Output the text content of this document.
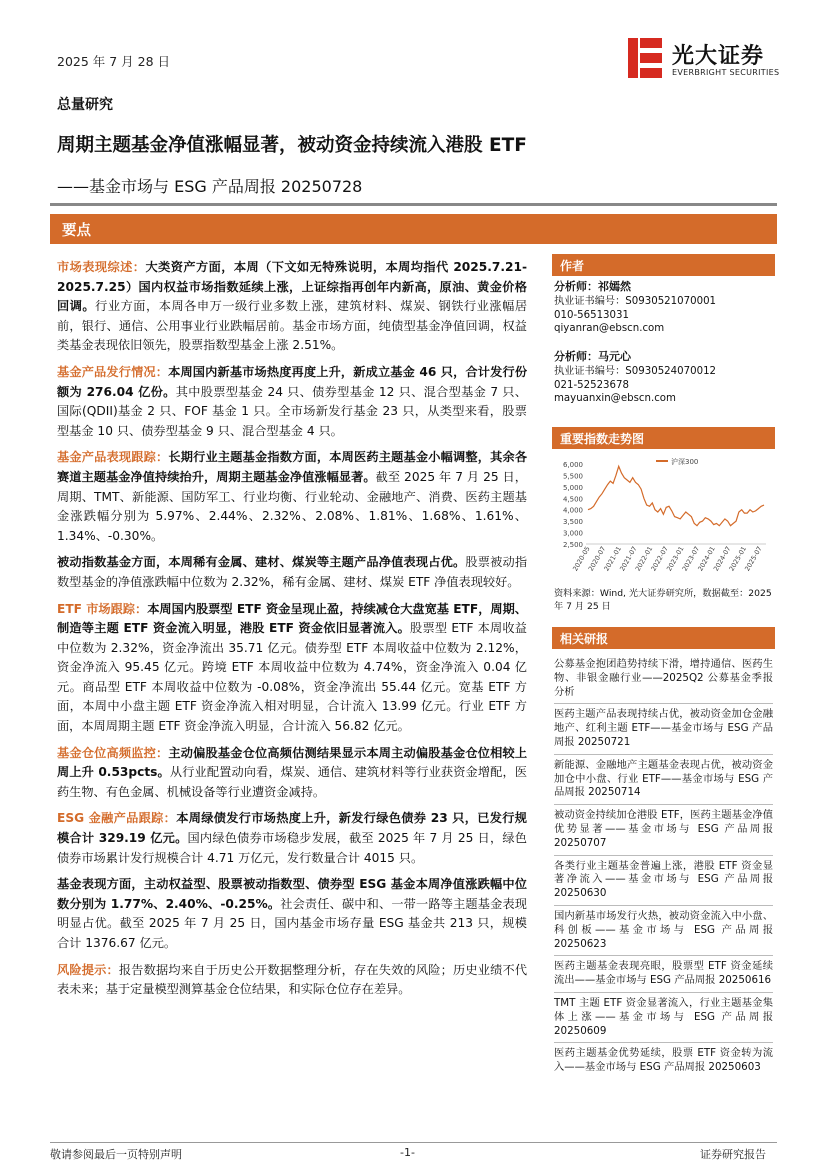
2025 年 7 月 28 日	光大证券
EVERBRIGHT SECURITIES
总量研究
周期主题基金净值涨幅显著，被动资金持续流入港股 ETF
——基金市场与 ESG 产品周报 20250728
要点

市场表现综述：大类资产方面，本周（下文如无特殊说明，本周均指代 2025.7.21-2025.7.25）国内权益市场指数延续上涨，上证综指再创年内新高，原油、黄金价格回调。行业方面，本周各申万一级行业多数上涨，建筑材料、煤炭、钢铁行业涨幅居前，银行、通信、公用事业行业跌幅居前。基金市场方面，纯债型基金净值回调，权益类基金表现依旧领先，股票指数型基金上涨 2.51%。

基金产品发行情况：本周国内新基市场热度再度上升，新成立基金 46 只，合计发行份额为 276.04 亿份。其中股票型基金 24 只、债券型基金 12 只、混合型基金 7 只、国际(QDII)基金 2 只、FOF 基金 1 只。全市场新发行基金 23 只，从类型来看，股票型基金 10 只、债券型基金 9 只、混合型基金 4 只。

基金产品表现跟踪：长期行业主题基金指数方面，本周医药主题基金小幅调整，其余各赛道主题基金净值持续抬升，周期主题基金净值涨幅显著。截至 2025 年 7 月 25 日， 周期、TMT、新能源、国防军工、行业均衡、行业轮动、金融地产、消费、医药主题基金涨跌幅分别为 5.97%、2.44%、2.32%、2.08%、1.81%、1.68%、1.61%、1.34%、-0.30%。

被动指数基金方面，本周稀有金属、建材、煤炭等主题产品净值表现占优。股票被动指数型基金的净值涨跌幅中位数为 2.32%，稀有金属、建材、煤炭 ETF 净值表现较好。

ETF 市场跟踪：本周国内股票型 ETF 资金呈现止盈，持续减仓大盘宽基 ETF，周期、制造等主题 ETF 资金流入明显，港股 ETF 资金依旧显著流入。股票型 ETF 本周收益中位数为 2.32%，资金净流出 35.71 亿元。债券型 ETF 本周收益中位数为 2.12%，资金净流入 95.45 亿元。跨境 ETF 本周收益中位数为 4.74%，资金净流入 0.04 亿元。商品型 ETF 本周收益中位数为 -0.08%，资金净流出 55.44 亿元。宽基 ETF 方面，本周中小盘主题 ETF 资金净流入相对明显，合计流入 13.99 亿元。行业 ETF 方面，本周周期主题 ETF 资金净流入明显，合计流入 56.82 亿元。

基金仓位高频监控：主动偏股基金仓位高频估测结果显示本周主动偏股基金仓位相较上周上升 0.53pcts。从行业配置动向看，煤炭、通信、建筑材料等行业获资金增配，医药生物、有色金属、机械设备等行业遭资金减持。

ESG 金融产品跟踪：本周绿债发行市场热度上升，新发行绿色债券 23 只，已发行规模合计 329.19 亿元。国内绿色债券市场稳步发展，截至 2025 年 7 月 25 日，绿色债券市场累计发行规模合计 4.71 万亿元，发行数量合计 4015 只。

基金表现方面，主动权益型、股票被动指数型、债券型 ESG 基金本周净值涨跌幅中位数分别为 1.77%、2.40%、-0.25%。社会责任、碳中和、一带一路等主题基金表现明显占优。截至 2025 年 7 月 25 日，国内基金市场存量 ESG 基金共 213 只，规模合计 1376.67 亿元。

风险提示：报告数据均来自于历史公开数据整理分析，存在失效的风险；历史业绩不代表未来；基于定量模型测算基金仓位结果，和实际仓位存在差异。

作者
分析师：祁嫣然
执业证书编号：S0930521070001
010-56513031
qiyanran@ebscn.com
分析师：马元心
执业证书编号：S0930524070012
021-52523678
mayuanxin@ebscn.com
重要指数走势图
6,000
5,500
5,000
4,500
4,000
3,500
3,000
2,500
2020-05
2020-07
2021-01
2021-07
2022-01
2022-07
2023-01
2023-07
2024-01
2024-07
2025-01
2025-07
沪深300
资料来源：Wind, 光大证券研究所，数据截至：2025 年 7 月 25 日
相关研报
公募基金抱团趋势持续下滑，增持通信、医药生物、非银金融行业——2025Q2 公募基金季报分析
医药主题产品表现持续占优，被动资金加仓金融地产、红利主题 ETF——基金市场与 ESG 产品周报 20250721
新能源、金融地产主题基金表现占优，被动资金加仓中小盘、行业 ETF——基金市场与 ESG 产品周报 20250714
被动资金持续加仓港股 ETF，医药主题基金净值优势显著——基金市场与 ESG 产品周报 20250707
各类行业主题基金普遍上涨，港股 ETF 资金显著净流入——基金市场与 ESG 产品周报 20250630
国内新基市场发行火热，被动资金流入中小盘、科创板——基金市场与 ESG 产品周报 20250623
医药主题基金表现亮眼，股票型 ETF 资金延续流出——基金市场与 ESG 产品周报 20250616
TMT 主题 ETF 资金显著流入，行业主题基金集体上涨——基金市场与 ESG 产品周报 20250609
医药主题基金优势延续，股票 ETF 资金转为流入——基金市场与 ESG 产品周报 20250603
敬请参阅最后一页特别声明	-1-	证券研究报告
